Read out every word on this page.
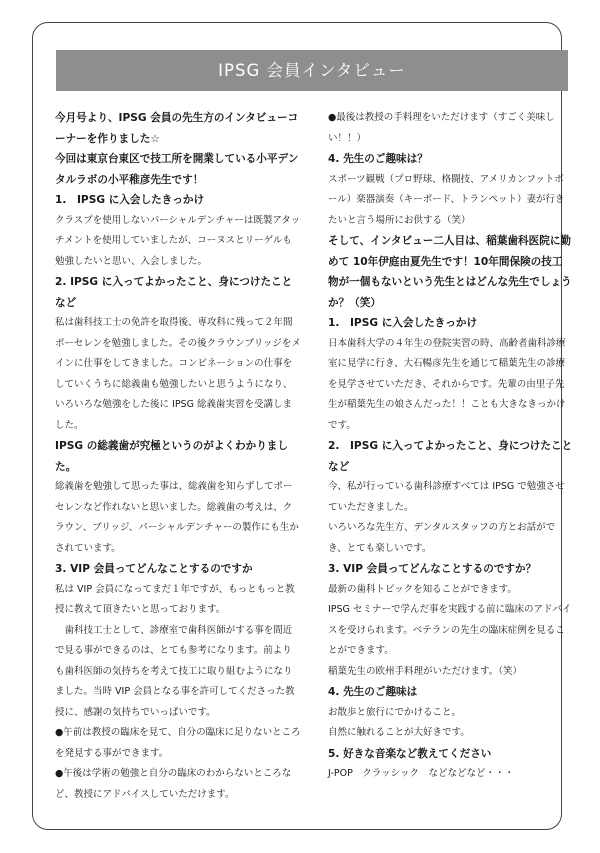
IPSG 会員インタビュー

今月号より、IPSG 会員の先生方のインタビューコーナーを作りました☆

今回は東京台東区で技工所を開業している小平デンタルラボの小平稚彦先生です！

1.　IPSG に入会したきっかけ

クラスプを使用しないパーシャルデンチャーは既製アタッチメントを使用していましたが、コーヌスとリーゲルも勉強したいと思い、入会しました。

2. IPSG に入ってよかったこと、身につけたことなど

私は歯科技工士の免許を取得後、専攻科に残って２年間ポーセレンを勉強しました。その後クラウンブリッジをメインに仕事をしてきました。コンビネーションの仕事をしていくうちに総義歯も勉強したいと思うようになり、いろいろな勉強をした後に IPSG 総義歯実習を受講しました。

IPSG の総義歯が究極というのがよくわかりました。

総義歯を勉強して思った事は、総義歯を知らずしてポーセレンなど作れないと思いました。総義歯の考えは、クラウン、ブリッジ、パーシャルデンチャーの製作にも生かされています。

3. VIP 会員ってどんなことするのですか

私は VIP 会員になってまだ１年ですが、もっともっと教授に教えて頂きたいと思っております。

　歯科技工士として、診療室で歯科医師がする事を間近で見る事ができるのは、とても参考になります。前よりも歯科医師の気持ちを考えて技工に取り組むようになりました。当時 VIP 会員となる事を許可してくださった教授に、感謝の気持ちでいっぱいです。

●午前は教授の臨床を見て、自分の臨床に足りないところを発見する事ができます。

●午後は学術の勉強と自分の臨床のわからないところなど、教授にアドバイスしていただけます。

●最後は教授の手料理をいただけます（すごく美味しい！！）

4. 先生のご趣味は？

スポーツ観戦（プロ野球、格闘技、アメリカンフットボール）楽器演奏（キーボード、トランペット）妻が行きたいと言う場所にお供する（笑）

そして、インタビュー二人目は、稲葉歯科医院に勤めて 10年伊庭由夏先生です！10年間保険の技工物が一個もないという先生とはどんな先生でしょうか？（笑）

1.　IPSG に入会したきっかけ

日本歯科大学の４年生の登院実習の時、高齢者歯科診療室に見学に行き、大石暢彦先生を通じて稲葉先生の診療を見学させていただき、それからです。先輩の由里子先生が稲葉先生の娘さんだった！！ことも大きなきっかけです。

2.　IPSG に入ってよかったこと、身につけたことなど

今、私が行っている歯科診療すべては IPSG で勉強させていただきました。

いろいろな先生方、デンタルスタッフの方とお話ができ、とても楽しいです。

3. VIP 会員ってどんなことするのですか？

最新の歯科トピックを知ることができます。

IPSG セミナーで学んだ事を実践する前に臨床のアドバイスを受けられます。ベテランの先生の臨床症例を見ることができます。

稲葉先生の欧州手料理がいただけます。（笑）

4. 先生のご趣味は

お散歩と旅行にでかけること。

自然に触れることが大好きです。

5. 好きな音楽など教えてください

J-POP　クラッシック　などなどなど・・・
